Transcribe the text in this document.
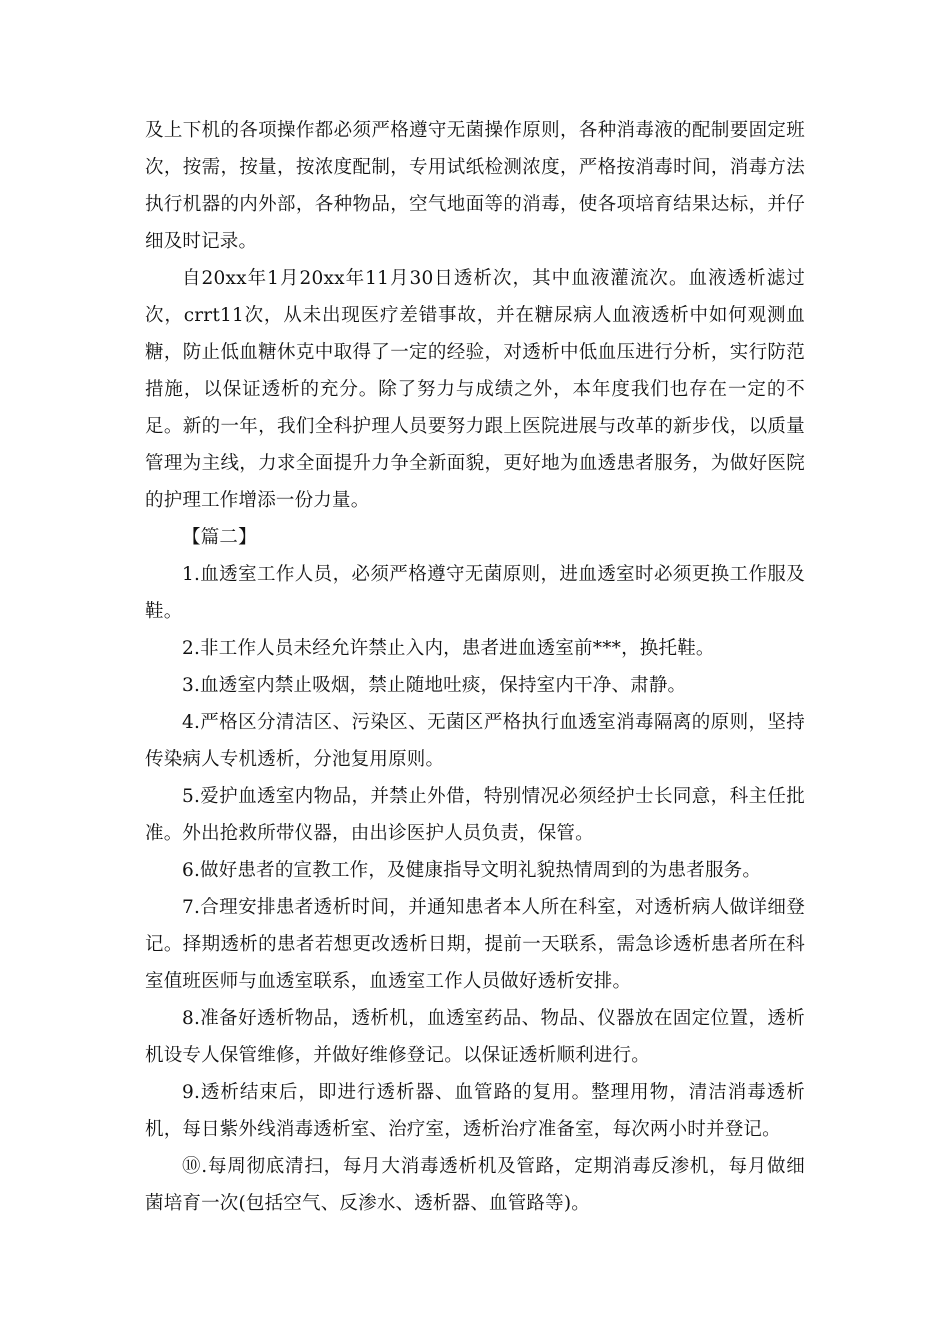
及上下机的各项操作都必须严格遵守无菌操作原则，各种消毒液的配制要固定班次，按需，按量，按浓度配制，专用试纸检测浓度，严格按消毒时间，消毒方法执行机器的内外部，各种物品，空气地面等的消毒，使各项培育结果达标，并仔细及时记录。

自20xx年1月20xx年11月30日透析次，其中血液灌流次。血液透析滤过次，crrt11次，从未出现医疗差错事故，并在糖尿病人血液透析中如何观测血糖，防止低血糖休克中取得了一定的经验，对透析中低血压进行分析，实行防范措施，以保证透析的充分。除了努力与成绩之外，本年度我们也存在一定的不足。新的一年，我们全科护理人员要努力跟上医院进展与改革的新步伐，以质量管理为主线，力求全面提升力争全新面貌，更好地为血透患者服务，为做好医院的护理工作增添一份力量。

【篇二】

1.血透室工作人员，必须严格遵守无菌原则，进血透室时必须更换工作服及鞋。

2.非工作人员未经允许禁止入内，患者进血透室前***，换托鞋。

3.血透室内禁止吸烟，禁止随地吐痰，保持室内干净、肃静。

4.严格区分清洁区、污染区、无菌区严格执行血透室消毒隔离的原则，坚持传染病人专机透析，分池复用原则。

5.爱护血透室内物品，并禁止外借，特别情况必须经护士长同意，科主任批准。外出抢救所带仪器，由出诊医护人员负责，保管。

6.做好患者的宣教工作，及健康指导文明礼貌热情周到的为患者服务。

7.合理安排患者透析时间，并通知患者本人所在科室，对透析病人做详细登记。择期透析的患者若想更改透析日期，提前一天联系，需急诊透析患者所在科室值班医师与血透室联系，血透室工作人员做好透析安排。

8.准备好透析物品，透析机，血透室药品、物品、仪器放在固定位置，透析机设专人保管维修，并做好维修登记。以保证透析顺利进行。

9.透析结束后，即进行透析器、血管路的复用。整理用物，清洁消毒透析机，每日紫外线消毒透析室、治疗室，透析治疗准备室，每次两小时并登记。

⑩.每周彻底清扫，每月大消毒透析机及管路，定期消毒反渗机，每月做细菌培育一次(包括空气、反渗水、透析器、血管路等)。
